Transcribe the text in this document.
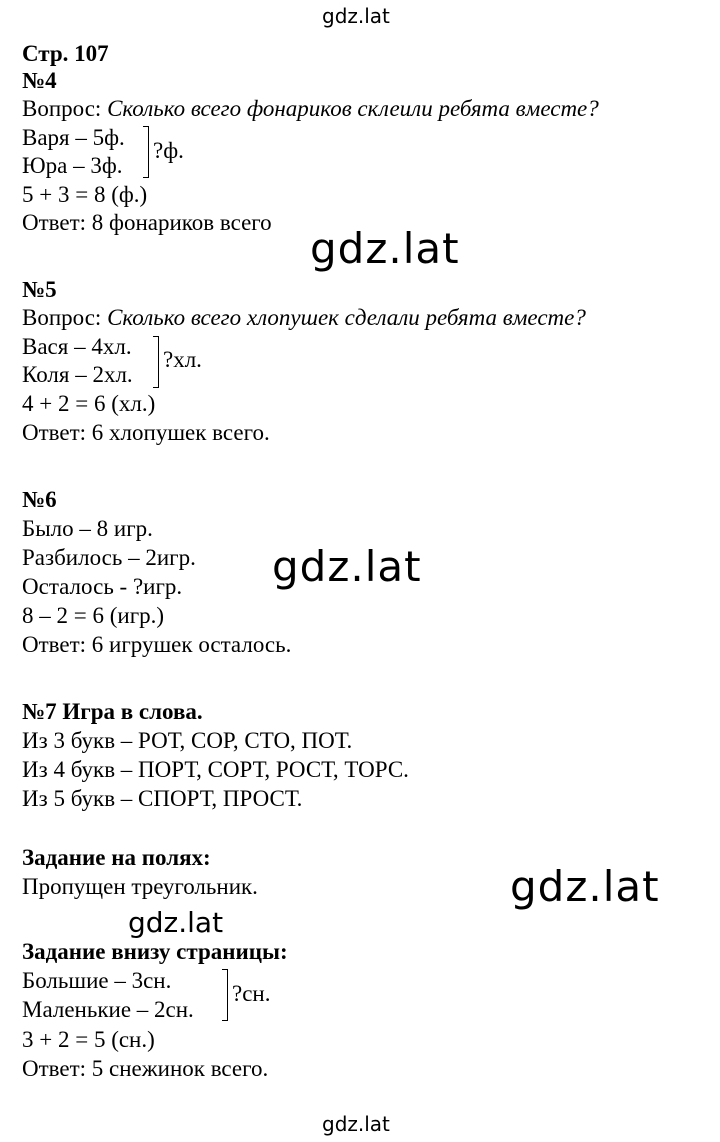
gdz.lat
gdz.lat
gdz.lat
gdz.lat
gdz.lat
gdz.lat
Стр. 107
№4
Вопрос: Сколько всего фонариков склеили ребята вместе?
Варя – 5ф.
Юра – 3ф.
?ф.
5 + 3 = 8 (ф.)
Ответ: 8 фонариков всего
№5
Вопрос: Сколько всего хлопушек сделали ребята вместе?
Вася – 4хл.
Коля – 2хл.
?хл.
4 + 2 = 6 (хл.)
Ответ: 6 хлопушек всего.
№6
Было – 8 игр.
Разбилось – 2игр.
Осталось - ?игр.
8 – 2 = 6 (игр.)
Ответ: 6 игрушек осталось.
№7 Игра в слова.
Из 3 букв – РОТ, СОР, СТО, ПОТ.
Из 4 букв – ПОРТ, СОРТ, РОСТ, ТОРС.
Из 5 букв – СПОРТ, ПРОСТ.
Задание на полях:
Пропущен треугольник.
Задание внизу страницы:
Большие – 3сн.
Маленькие – 2сн.
?сн.
3 + 2 = 5 (сн.)
Ответ: 5 снежинок всего.
